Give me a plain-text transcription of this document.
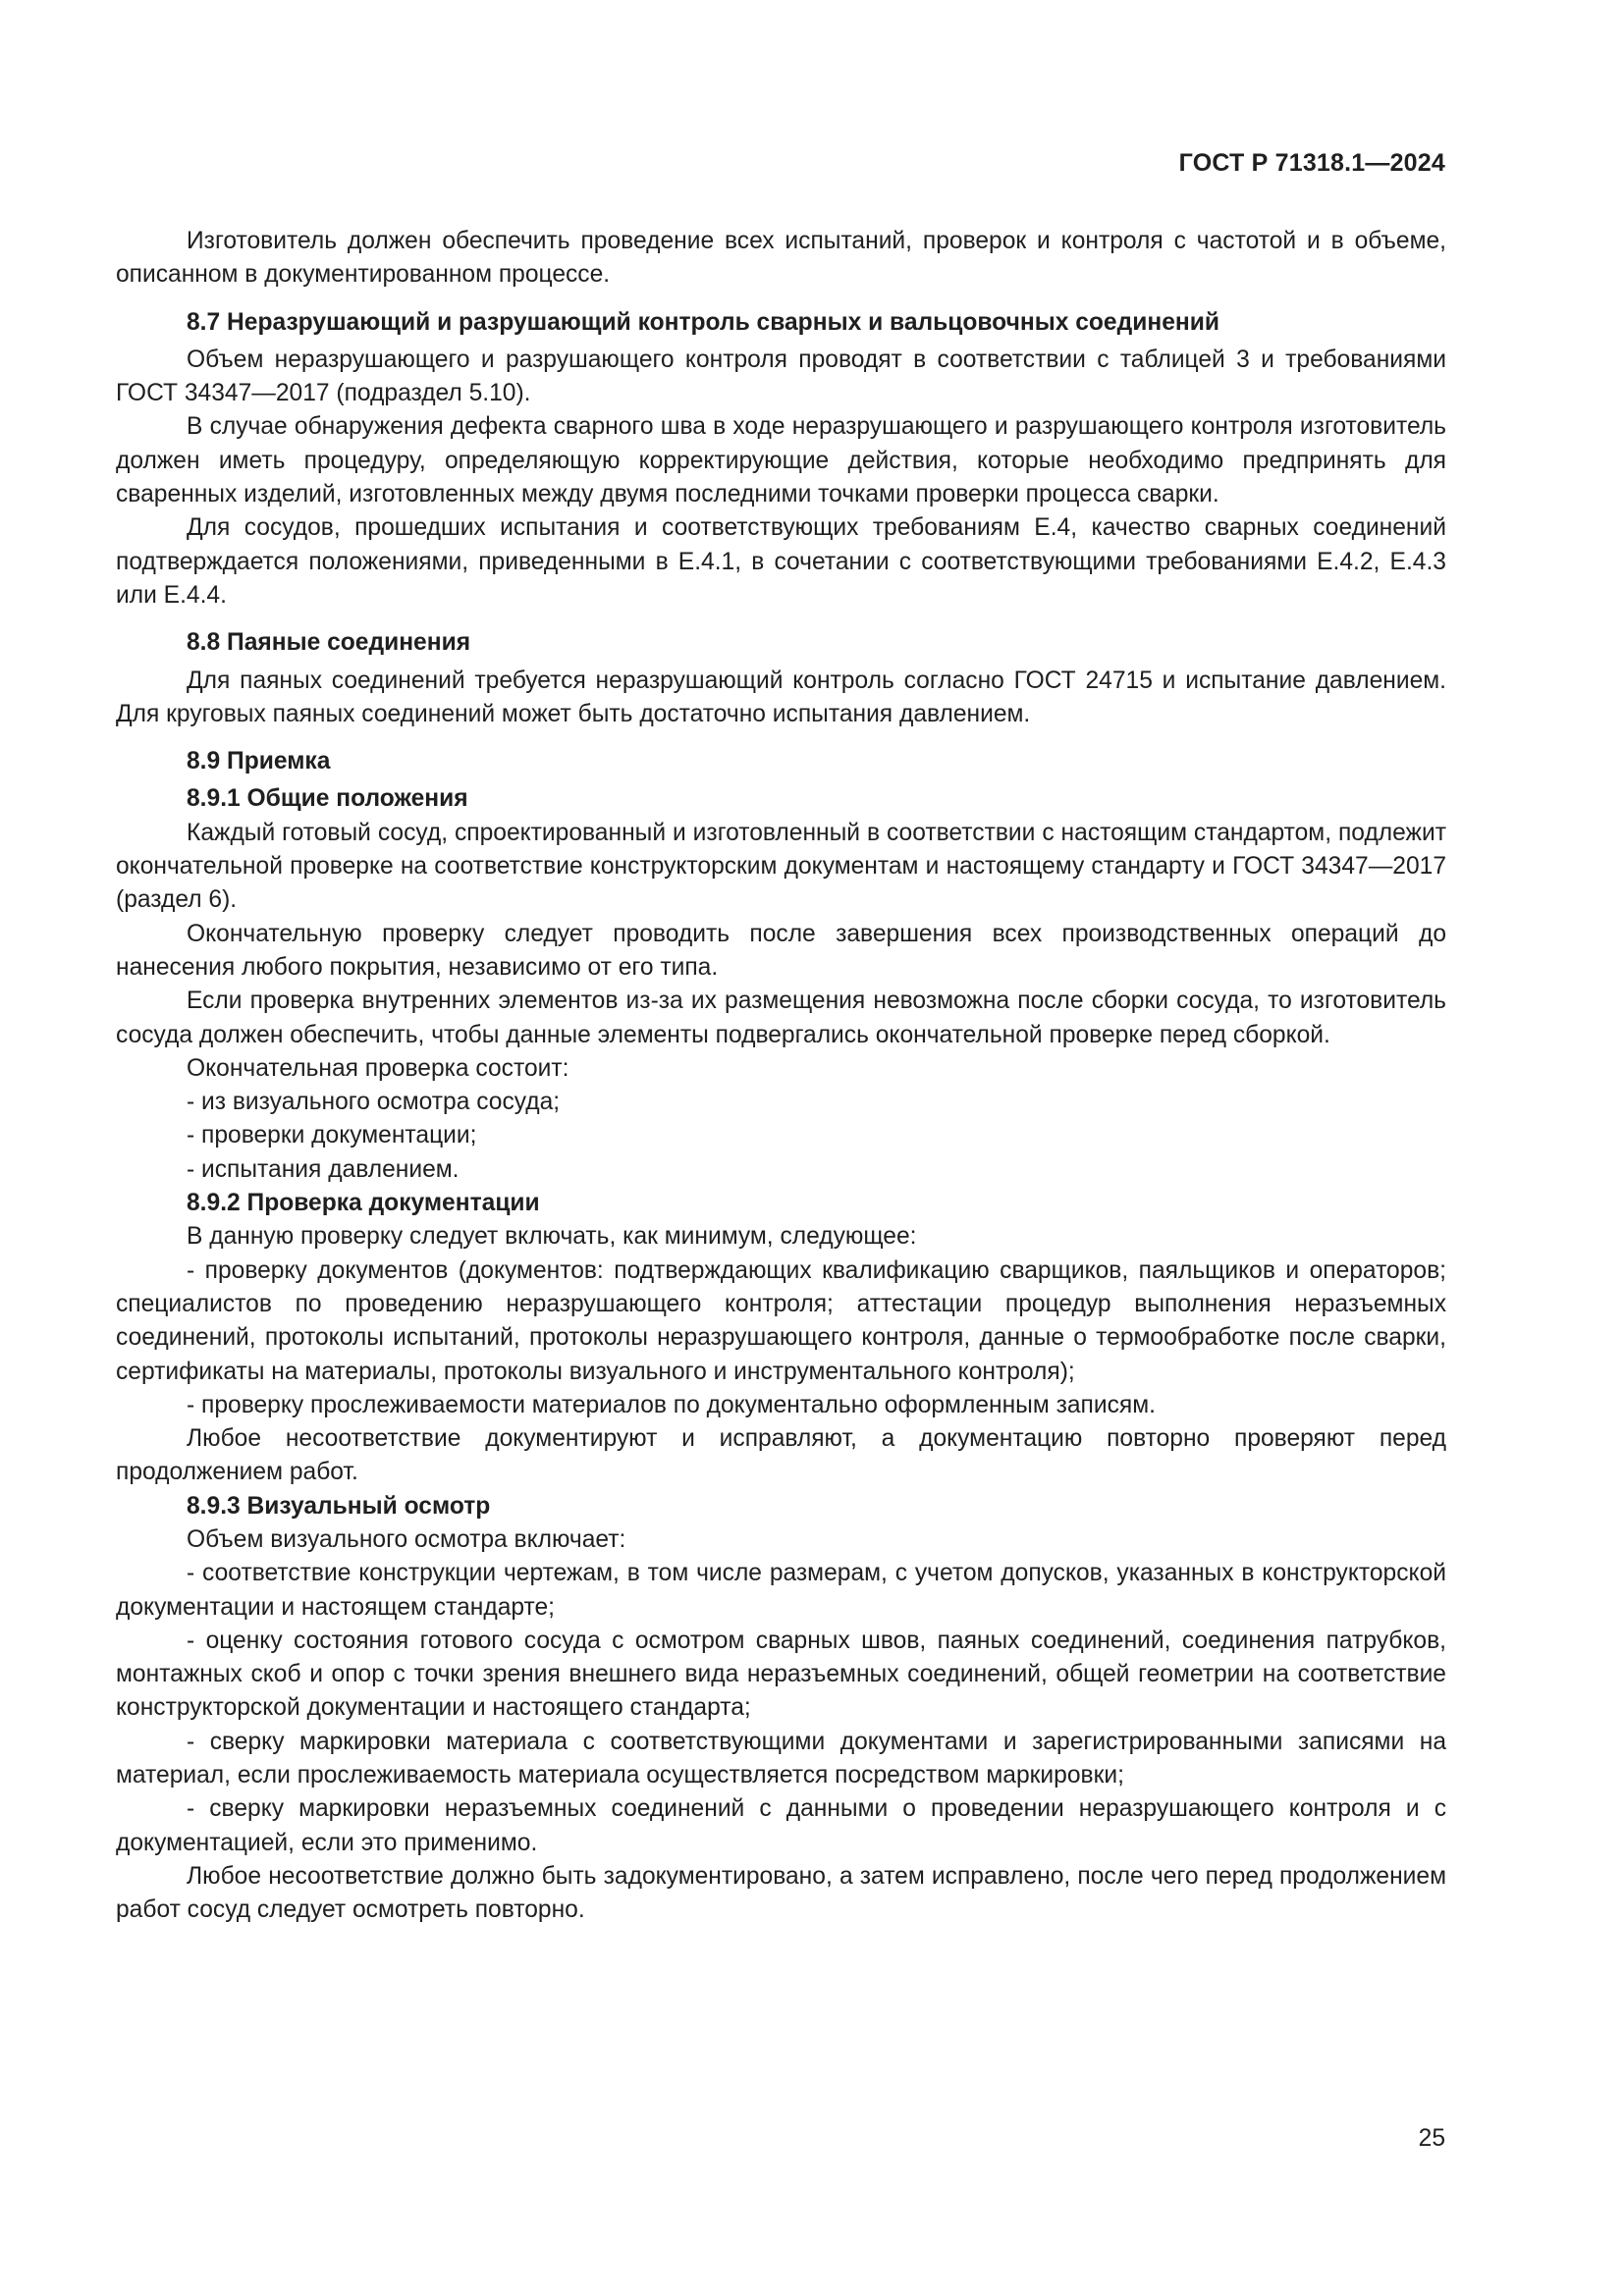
ГОСТ Р 71318.1—2024

Изготовитель должен обеспечить проведение всех испытаний, проверок и контроля с частотой и в объеме, описанном в документированном процессе.

8.7 Неразрушающий и разрушающий контроль сварных и вальцовочных соединений

Объем неразрушающего и разрушающего контроля проводят в соответствии с таблицей 3 и требованиями ГОСТ 34347—2017 (подраздел 5.10).

В случае обнаружения дефекта сварного шва в ходе неразрушающего и разрушающего контроля изготовитель должен иметь процедуру, определяющую корректирующие действия, которые необходимо предпринять для сваренных изделий, изготовленных между двумя последними точками проверки процесса сварки.

Для сосудов, прошедших испытания и соответствующих требованиям E.4, качество сварных соединений подтверждается положениями, приведенными в E.4.1, в сочетании с соответствующими требованиями E.4.2, E.4.3 или E.4.4.

8.8 Паяные соединения

Для паяных соединений требуется неразрушающий контроль согласно ГОСТ 24715 и испытание давлением. Для круговых паяных соединений может быть достаточно испытания давлением.

8.9 Приемка

8.9.1 Общие положения

Каждый готовый сосуд, спроектированный и изготовленный в соответствии с настоящим стандартом, подлежит окончательной проверке на соответствие конструкторским документам и настоящему стандарту и ГОСТ 34347—2017 (раздел 6).

Окончательную проверку следует проводить после завершения всех производственных операций до нанесения любого покрытия, независимо от его типа.

Если проверка внутренних элементов из-за их размещения невозможна после сборки сосуда, то изготовитель сосуда должен обеспечить, чтобы данные элементы подвергались окончательной проверке перед сборкой.

Окончательная проверка состоит:

- из визуального осмотра сосуда;

- проверки документации;

- испытания давлением.

8.9.2 Проверка документации

В данную проверку следует включать, как минимум, следующее:

- проверку документов (документов: подтверждающих квалификацию сварщиков, паяльщиков и операторов; специалистов по проведению неразрушающего контроля; аттестации процедур выполнения неразъемных соединений, протоколы испытаний, протоколы неразрушающего контроля, данные о термообработке после сварки, сертификаты на материалы, протоколы визуального и инструментального контроля);

- проверку прослеживаемости материалов по документально оформленным записям.

Любое несоответствие документируют и исправляют, а документацию повторно проверяют перед продолжением работ.

8.9.3 Визуальный осмотр

Объем визуального осмотра включает:

- соответствие конструкции чертежам, в том числе размерам, с учетом допусков, указанных в конструкторской документации и настоящем стандарте;

- оценку состояния готового сосуда с осмотром сварных швов, паяных соединений, соединения патрубков, монтажных скоб и опор с точки зрения внешнего вида неразъемных соединений, общей геометрии на соответствие конструкторской документации и настоящего стандарта;

- сверку маркировки материала с соответствующими документами и зарегистрированными записями на материал, если прослеживаемость материала осуществляется посредством маркировки;

- сверку маркировки неразъемных соединений с данными о проведении неразрушающего контроля и с документацией, если это применимо.

Любое несоответствие должно быть задокументировано, а затем исправлено, после чего перед продолжением работ сосуд следует осмотреть повторно.

25
